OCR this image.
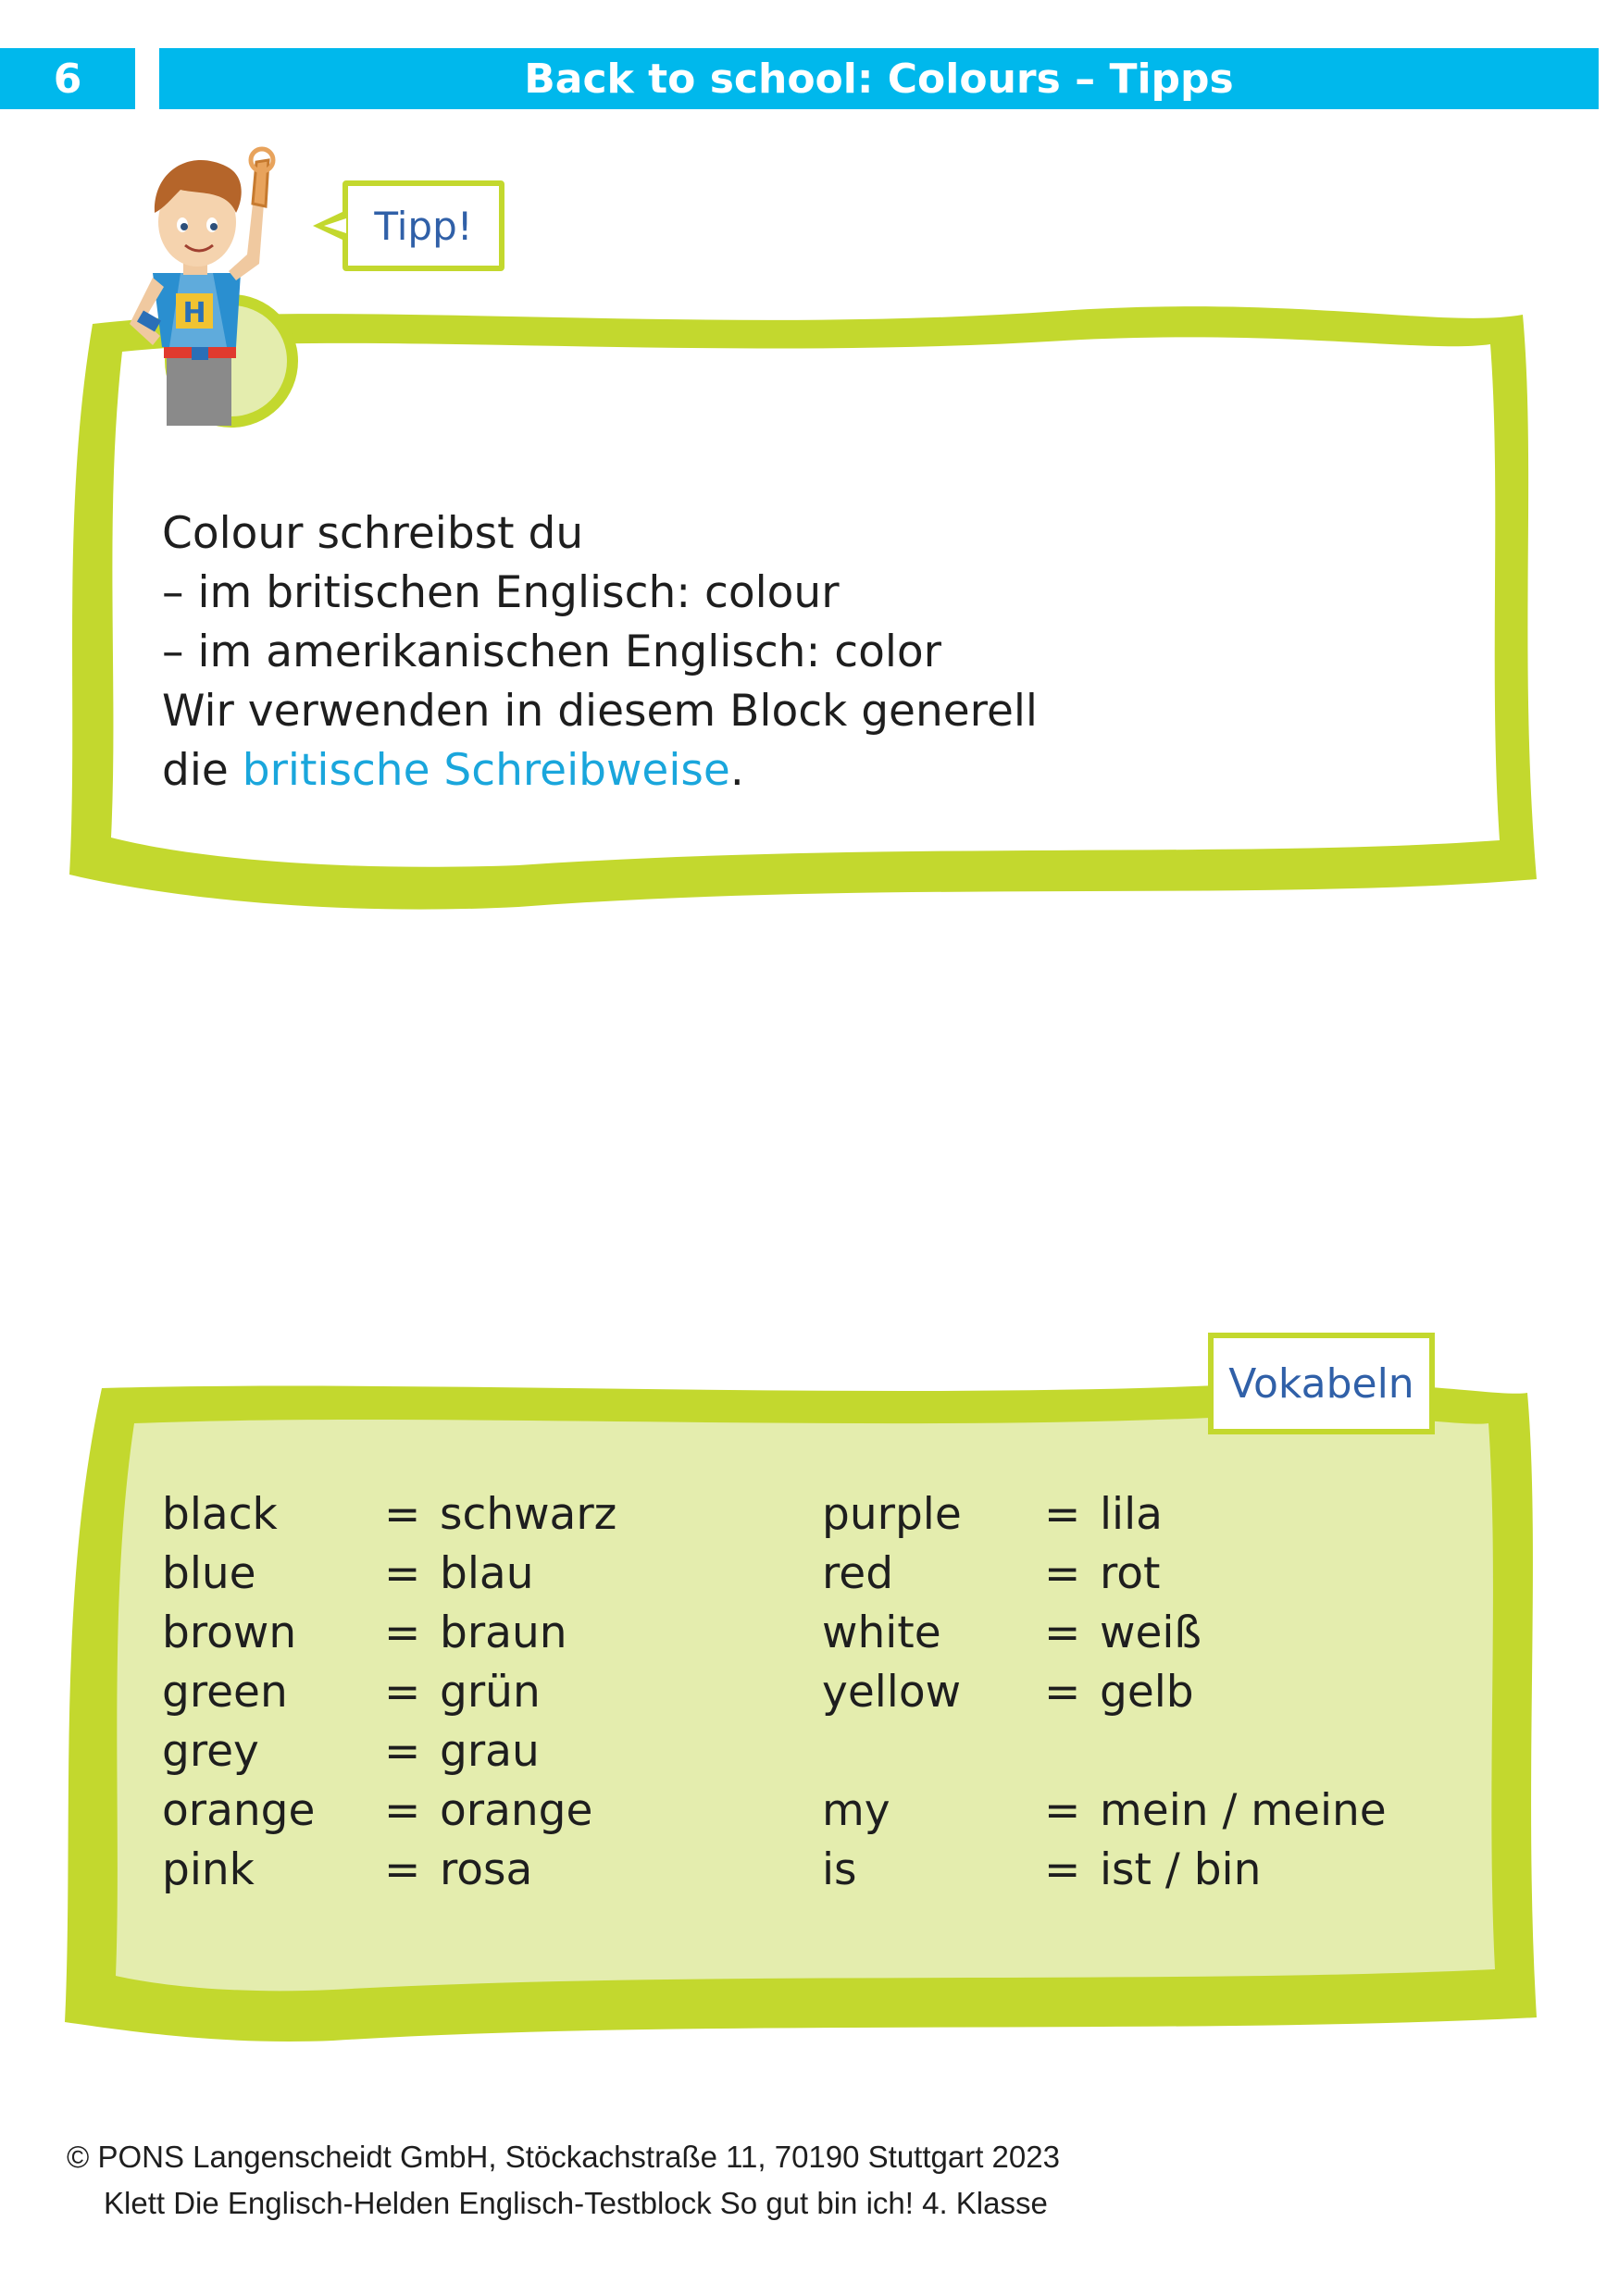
6	Back to school: Colours – Tipps
H
Tipp!
Colour schreibst du
– im britischen Englisch: colour
– im amerikanischen Englisch: color
Wir verwenden in diesem Block generell
die britische Schreibweise.
Vokabeln
black	= schwarz
blue	= blau
brown	= braun
green	= grün
grey	= grau
orange	= orange
pink	= rosa
purple	= lila
red	= rot
white	= weiß
yellow	= gelb
my	= mein / meine
is	= ist / bin
© PONS Langenscheidt GmbH, Stöckachstraße 11, 70190 Stuttgart 2023
Klett Die Englisch-Helden Englisch-Testblock So gut bin ich! 4. Klasse
